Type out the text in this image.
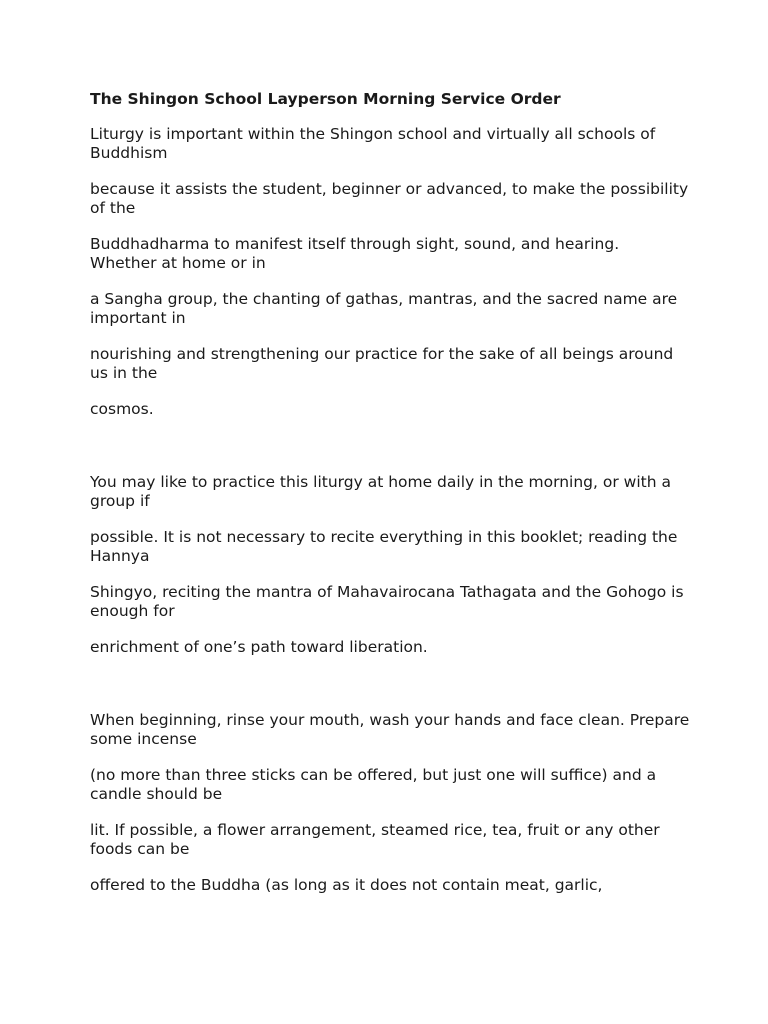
The Shingon School Layperson Morning Service Order
Liturgy is important within the Shingon school and virtually all schools of Buddhism
because it assists the student, beginner or advanced, to make the possibility of the
Buddhadharma to manifest itself through sight, sound, and hearing. Whether at home or in
a Sangha group, the chanting of gathas, mantras, and the sacred name are important in
nourishing and strengthening our practice for the sake of all beings around us in the
cosmos.
You may like to practice this liturgy at home daily in the morning, or with a group if
possible. It is not necessary to recite everything in this booklet; reading the Hannya
Shingyo, reciting the mantra of Mahavairocana Tathagata and the Gohogo is enough for
enrichment of one’s path toward liberation.
When beginning, rinse your mouth, wash your hands and face clean. Prepare some incense
(no more than three sticks can be offered, but just one will suffice) and a candle should be
lit. If possible, a flower arrangement, steamed rice, tea, fruit or any other foods can be
offered to the Buddha (as long as it does not contain meat, garlic,
